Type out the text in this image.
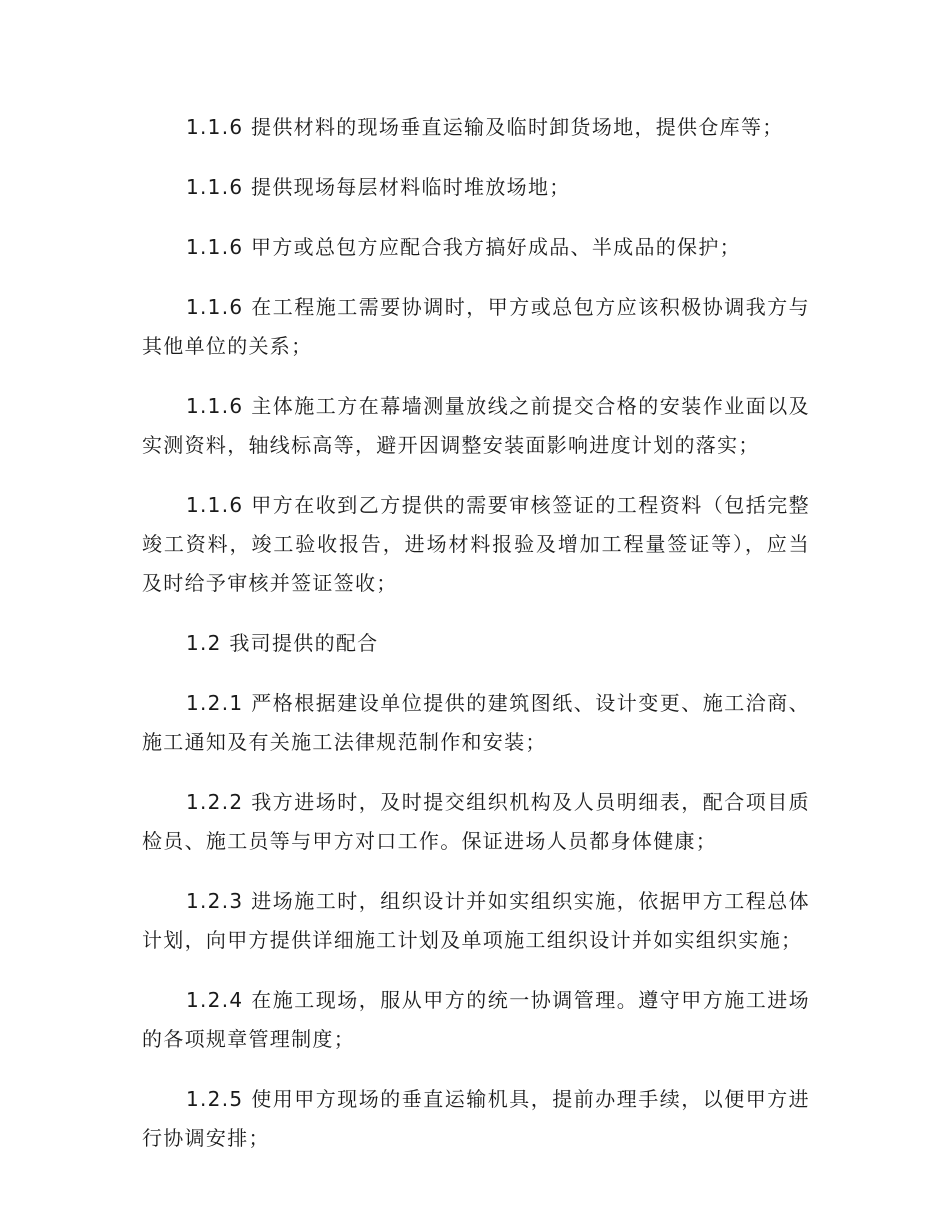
1.1.6 提供材料的现场垂直运输及临时卸货场地，提供仓库等；

1.1.6 提供现场每层材料临时堆放场地；

1.1.6 甲方或总包方应配合我方搞好成品、半成品的保护；

1.1.6 在工程施工需要协调时，甲方或总包方应该积极协调我方与其他单位的关系；

1.1.6 主体施工方在幕墙测量放线之前提交合格的安装作业面以及实测资料，轴线标高等，避开因调整安装面影响进度计划的落实；

1.1.6 甲方在收到乙方提供的需要审核签证的工程资料（包括完整竣工资料，竣工验收报告，进场材料报验及增加工程量签证等），应当及时给予审核并签证签收；

1.2 我司提供的配合

1.2.1 严格根据建设单位提供的建筑图纸、设计变更、施工洽商、施工通知及有关施工法律规范制作和安装；

1.2.2 我方进场时，及时提交组织机构及人员明细表，配合项目质检员、施工员等与甲方对口工作。保证进场人员都身体健康；

1.2.3 进场施工时，组织设计并如实组织实施，依据甲方工程总体计划，向甲方提供详细施工计划及单项施工组织设计并如实组织实施；

1.2.4 在施工现场，服从甲方的统一协调管理。遵守甲方施工进场的各项规章管理制度；

1.2.5 使用甲方现场的垂直运输机具，提前办理手续，以便甲方进行协调安排；
